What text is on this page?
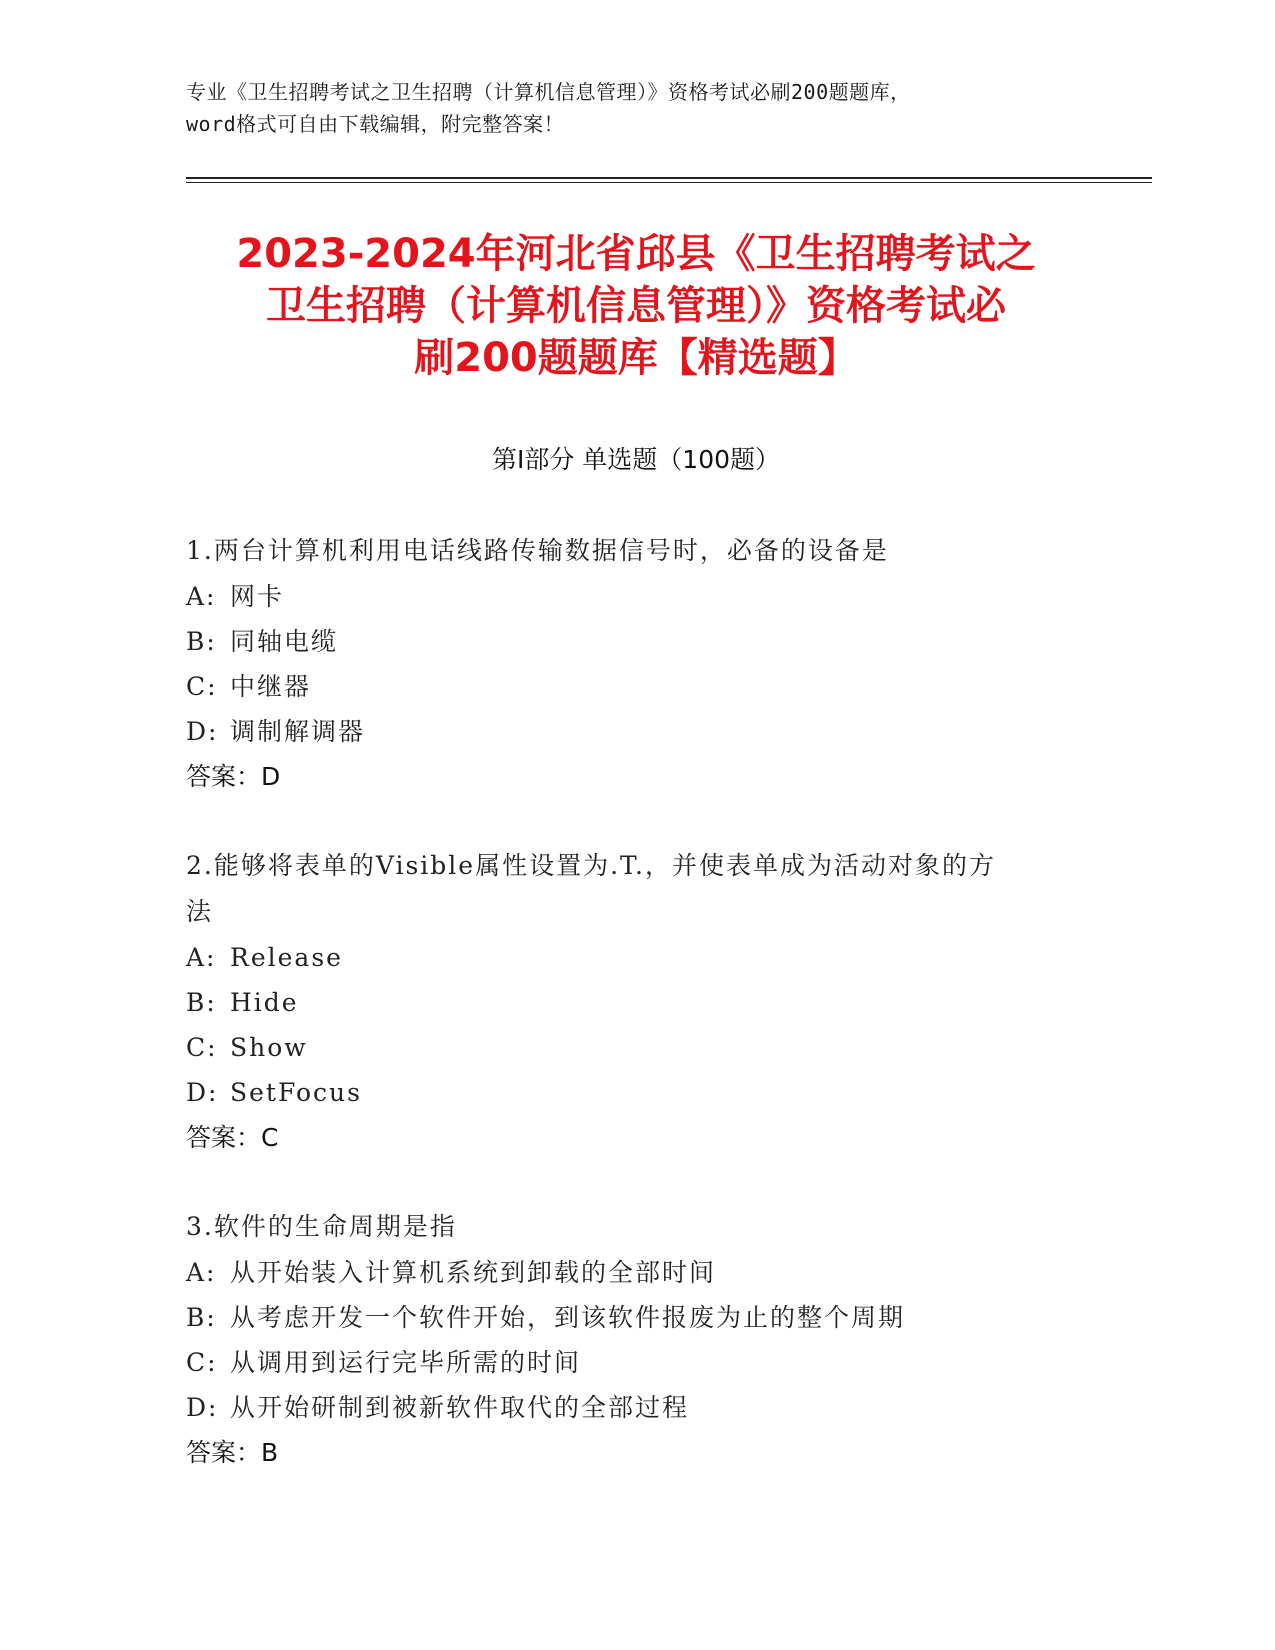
专业《卫生招聘考试之卫生招聘（计算机信息管理）》资格考试必刷200题题库，
word格式可自由下载编辑，附完整答案！
2023-2024年河北省邱县《卫生招聘考试之
卫生招聘（计算机信息管理）》资格考试必
刷200题题库【精选题】
第Ⅰ部分 单选题（100题）
1.两台计算机利用电话线路传输数据信号时，必备的设备是
A: 网卡
B: 同轴电缆
C: 中继器
D: 调制解调器
答案：D
2.能够将表单的Visible属性设置为.T.，并使表单成为活动对象的方
法
A: Release
B: Hide
C: Show
D: SetFocus
答案：C
3.软件的生命周期是指
A: 从开始装入计算机系统到卸载的全部时间
B: 从考虑开发一个软件开始，到该软件报废为止的整个周期
C: 从调用到运行完毕所需的时间
D: 从开始研制到被新软件取代的全部过程
答案：B
